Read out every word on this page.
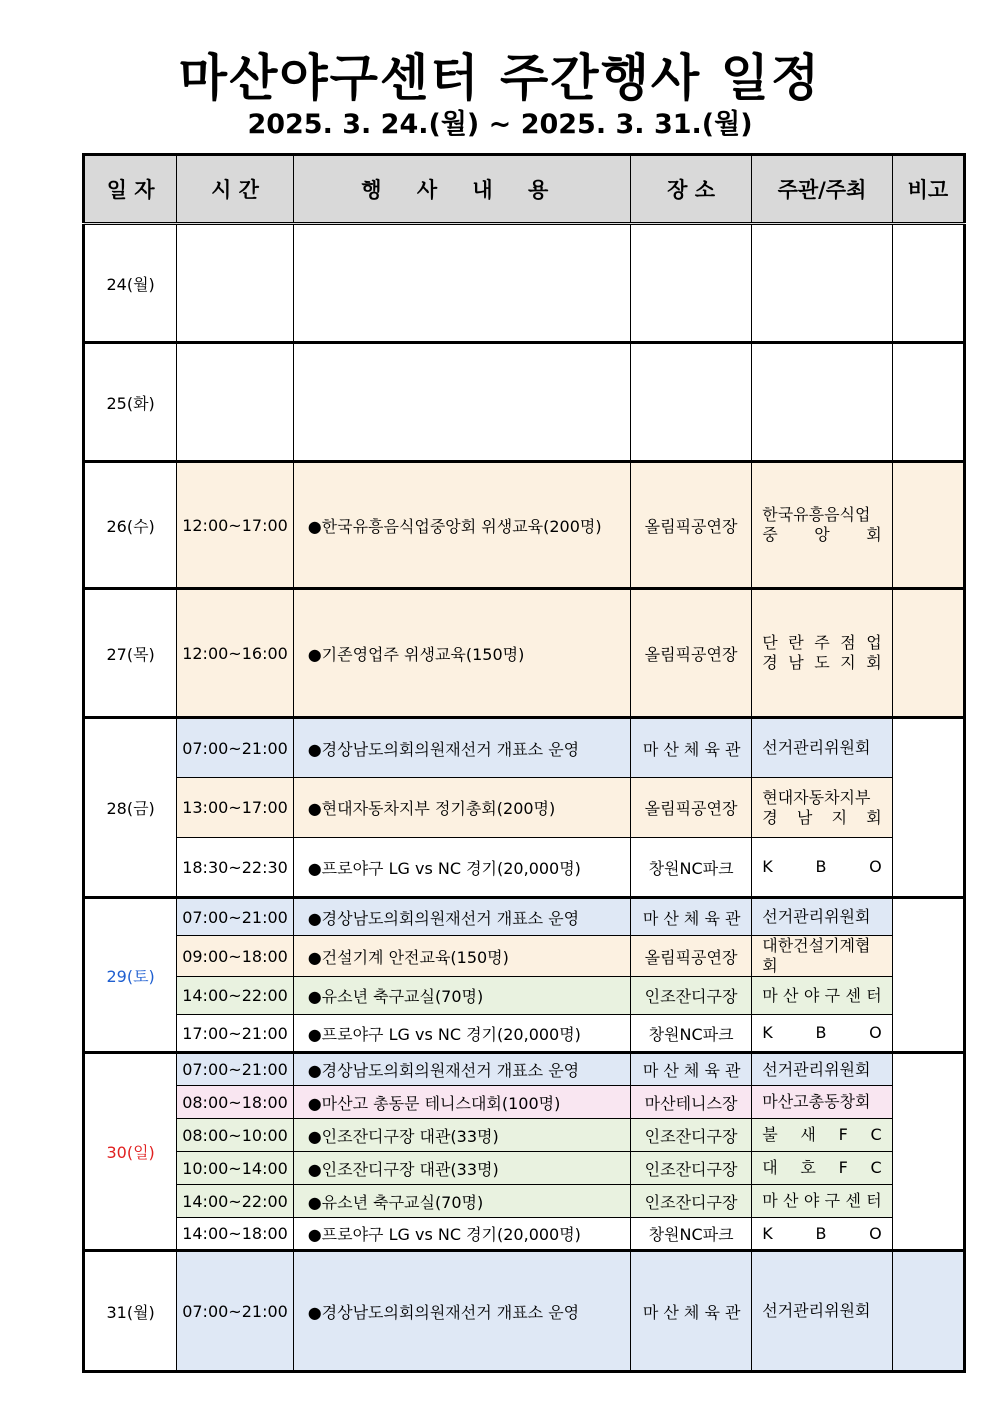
마산야구센터 주간행사 일정
2025. 3. 24.(월) ~ 2025. 3. 31.(월)
일 자	시 간	행 사 내 용	장 소	주관/주최	비고
24(월)					
25(화)					
26(수)	12:00~17:00	●한국유흥음식업중앙회 위생교육(200명)	올림픽공연장	한국유흥음식업
중 앙 회	

27(목)	12:00~16:00	●기존영업주 위생교육(150명)	올림픽공연장	단 란 주 점 업
경 남 도 지 회	

28(금)	07:00~21:00	●경상남도의회의원재선거 개표소 운영	마 산 체 육 관	선거관리위원회	

	13:00~17:00	●현대자동차지부 정기총회(200명)	올림픽공연장	현대자동차지부
경 남 지 회	

	18:30~22:30	●프로야구 LG vs NC 경기(20,000명)	창원NC파크	K B O	

29(토)	07:00~21:00	●경상남도의회의원재선거 개표소 운영	마 산 체 육 관	선거관리위원회	

	09:00~18:00	●건설기계 안전교육(150명)	올림픽공연장	대한건설기계협회	

	14:00~22:00	●유소년 축구교실(70명)	인조잔디구장	마 산 야 구 센 터	

	17:00~21:00	●프로야구 LG vs NC 경기(20,000명)	창원NC파크	K B O	

30(일)	07:00~21:00	●경상남도의회의원재선거 개표소 운영	마 산 체 육 관	선거관리위원회	

	08:00~18:00	●마산고 총동문 테니스대회(100명)	마산테니스장	마산고총동창회	

	08:00~10:00	●인조잔디구장 대관(33명)	인조잔디구장	불 새 F C	

	10:00~14:00	●인조잔디구장 대관(33명)	인조잔디구장	대 호 F C	

	14:00~22:00	●유소년 축구교실(70명)	인조잔디구장	마 산 야 구 센 터	

	14:00~18:00	●프로야구 LG vs NC 경기(20,000명)	창원NC파크	K B O	

31(월)	07:00~21:00	●경상남도의회의원재선거 개표소 운영	마 산 체 육 관	선거관리위원회	
